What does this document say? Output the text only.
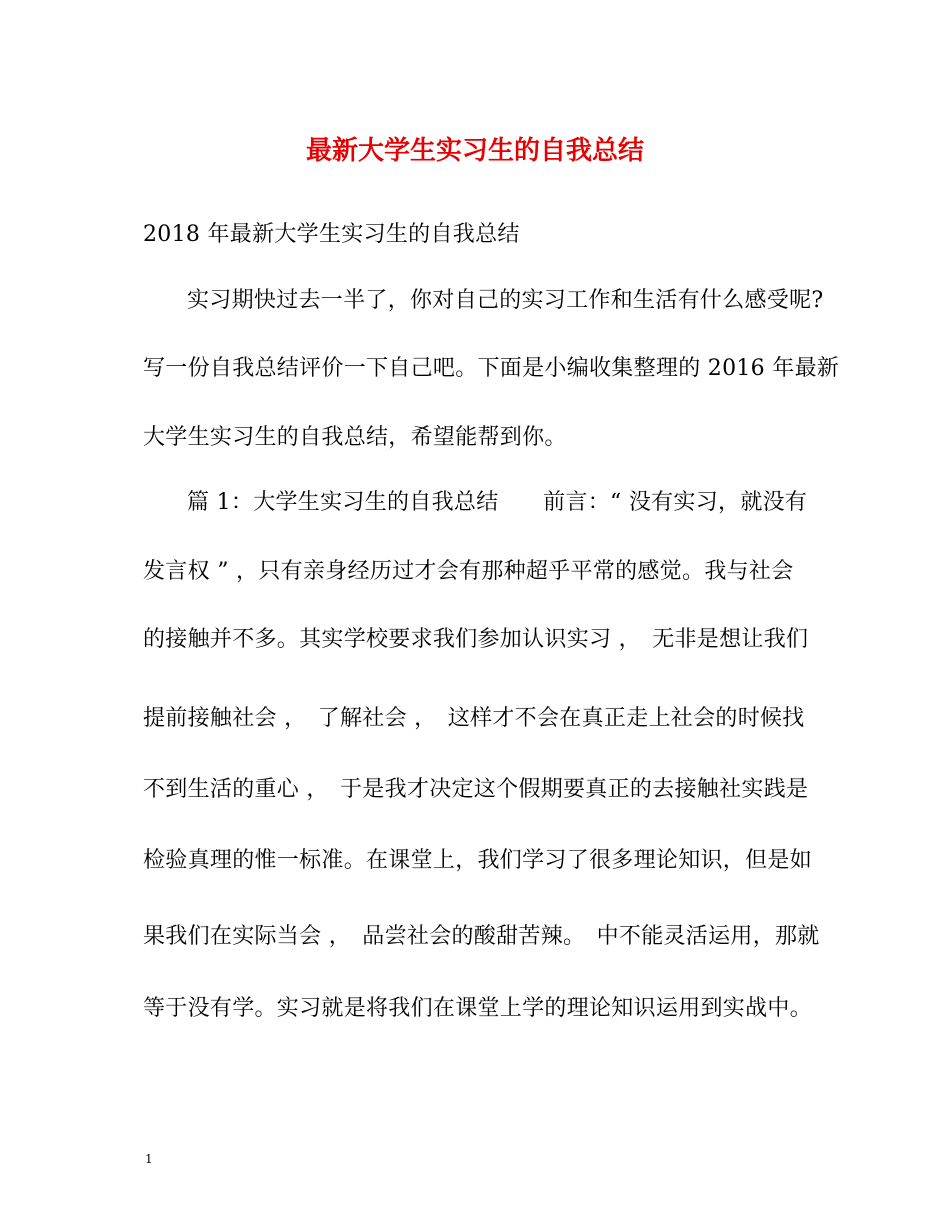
最新大学生实习生的自我总结
2018 年最新大学生实习生的自我总结
实习期快过去一半了，你对自己的实习工作和生活有什么感受呢?
写一份自我总结评价一下自己吧。下面是小编收集整理的 2016 年最新
大学生实习生的自我总结，希望能帮到你。
篇 1：大学生实习生的自我总结　　前言：“ 没有实习，就没有
发言权 ” ，只有亲身经历过才会有那种超乎平常的感觉。我与社会
的接触并不多。其实学校要求我们参加认识实习 ，　无非是想让我们
提前接触社会 ，　了解社会 ，　这样才不会在真正走上社会的时候找
不到生活的重心 ，　于是我才决定这个假期要真正的去接触社实践是
检验真理的惟一标准。在课堂上，我们学习了很多理论知识，但是如
果我们在实际当会 ，　品尝社会的酸甜苦辣。　中不能灵活运用，那就
等于没有学。实习就是将我们在课堂上学的理论知识运用到实战中。
1
